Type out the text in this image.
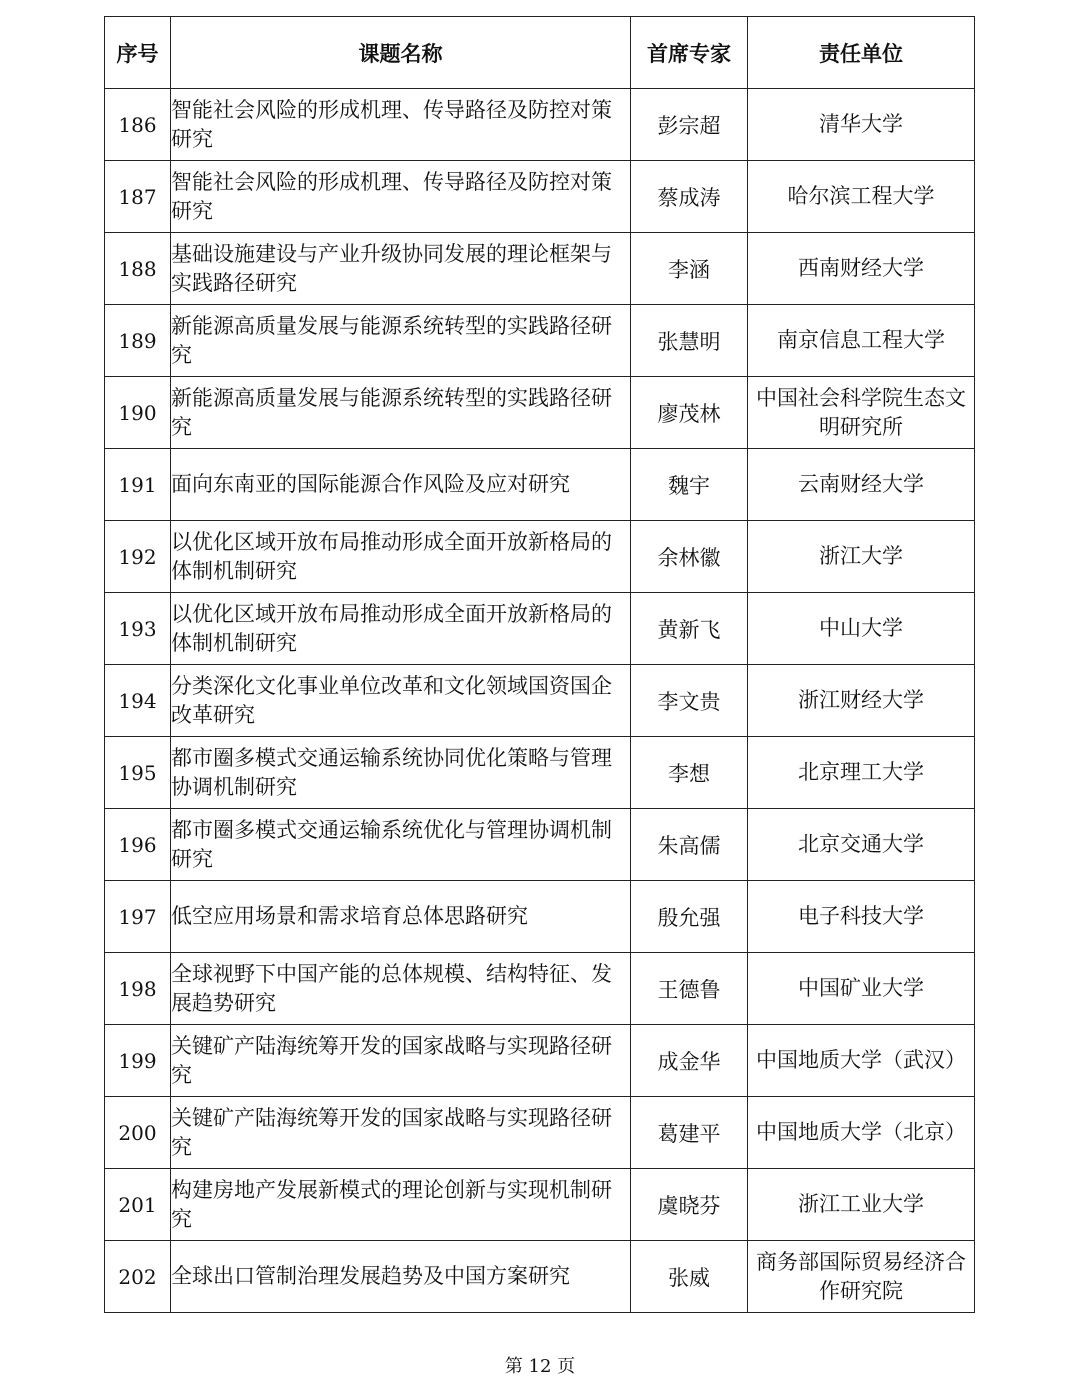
序号	课题名称	首席专家	责任单位
186	智能社会风险的形成机理、传导路径及防控对策研究	彭宗超	清华大学
187	智能社会风险的形成机理、传导路径及防控对策研究	蔡成涛	哈尔滨工程大学
188	基础设施建设与产业升级协同发展的理论框架与实践路径研究	李涵	西南财经大学
189	新能源高质量发展与能源系统转型的实践路径研究	张慧明	南京信息工程大学
190	新能源高质量发展与能源系统转型的实践路径研究	廖茂林	中国社会科学院生态文明研究所
191	面向东南亚的国际能源合作风险及应对研究	魏宇	云南财经大学
192	以优化区域开放布局推动形成全面开放新格局的体制机制研究	余林徽	浙江大学
193	以优化区域开放布局推动形成全面开放新格局的体制机制研究	黄新飞	中山大学
194	分类深化文化事业单位改革和文化领域国资国企改革研究	李文贵	浙江财经大学
195	都市圈多模式交通运输系统协同优化策略与管理协调机制研究	李想	北京理工大学
196	都市圈多模式交通运输系统优化与管理协调机制研究	朱高儒	北京交通大学
197	低空应用场景和需求培育总体思路研究	殷允强	电子科技大学
198	全球视野下中国产能的总体规模、结构特征、发展趋势研究	王德鲁	中国矿业大学
199	关键矿产陆海统筹开发的国家战略与实现路径研究	成金华	中国地质大学（武汉）
200	关键矿产陆海统筹开发的国家战略与实现路径研究	葛建平	中国地质大学（北京）
201	构建房地产发展新模式的理论创新与实现机制研究	虞晓芬	浙江工业大学
202	全球出口管制治理发展趋势及中国方案研究	张威	商务部国际贸易经济合作研究院
第 12 页
